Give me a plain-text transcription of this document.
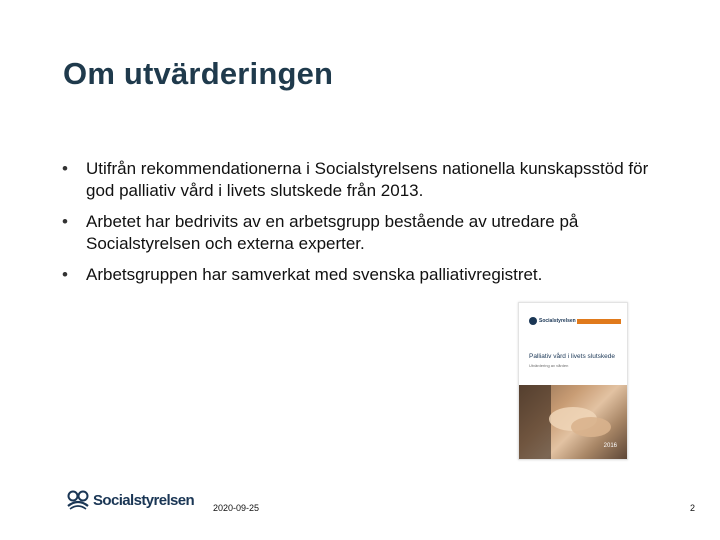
Om utvärderingen
•	Utifrån rekommendationerna i Socialstyrelsens nationella kunskapsstöd för god palliativ vård i livets slutskede från 2013.
•	Arbetet har bedrivits av en arbetsgrupp bestående av utredare på Socialstyrelsen och externa experter.
•	Arbetsgruppen har samverkat med svenska palliativregistret.
Socialstyrelsen
Palliativ vård i livets slutskede
Utvärdering av vården
2016
Socialstyrelsen 2020-09-25	2
